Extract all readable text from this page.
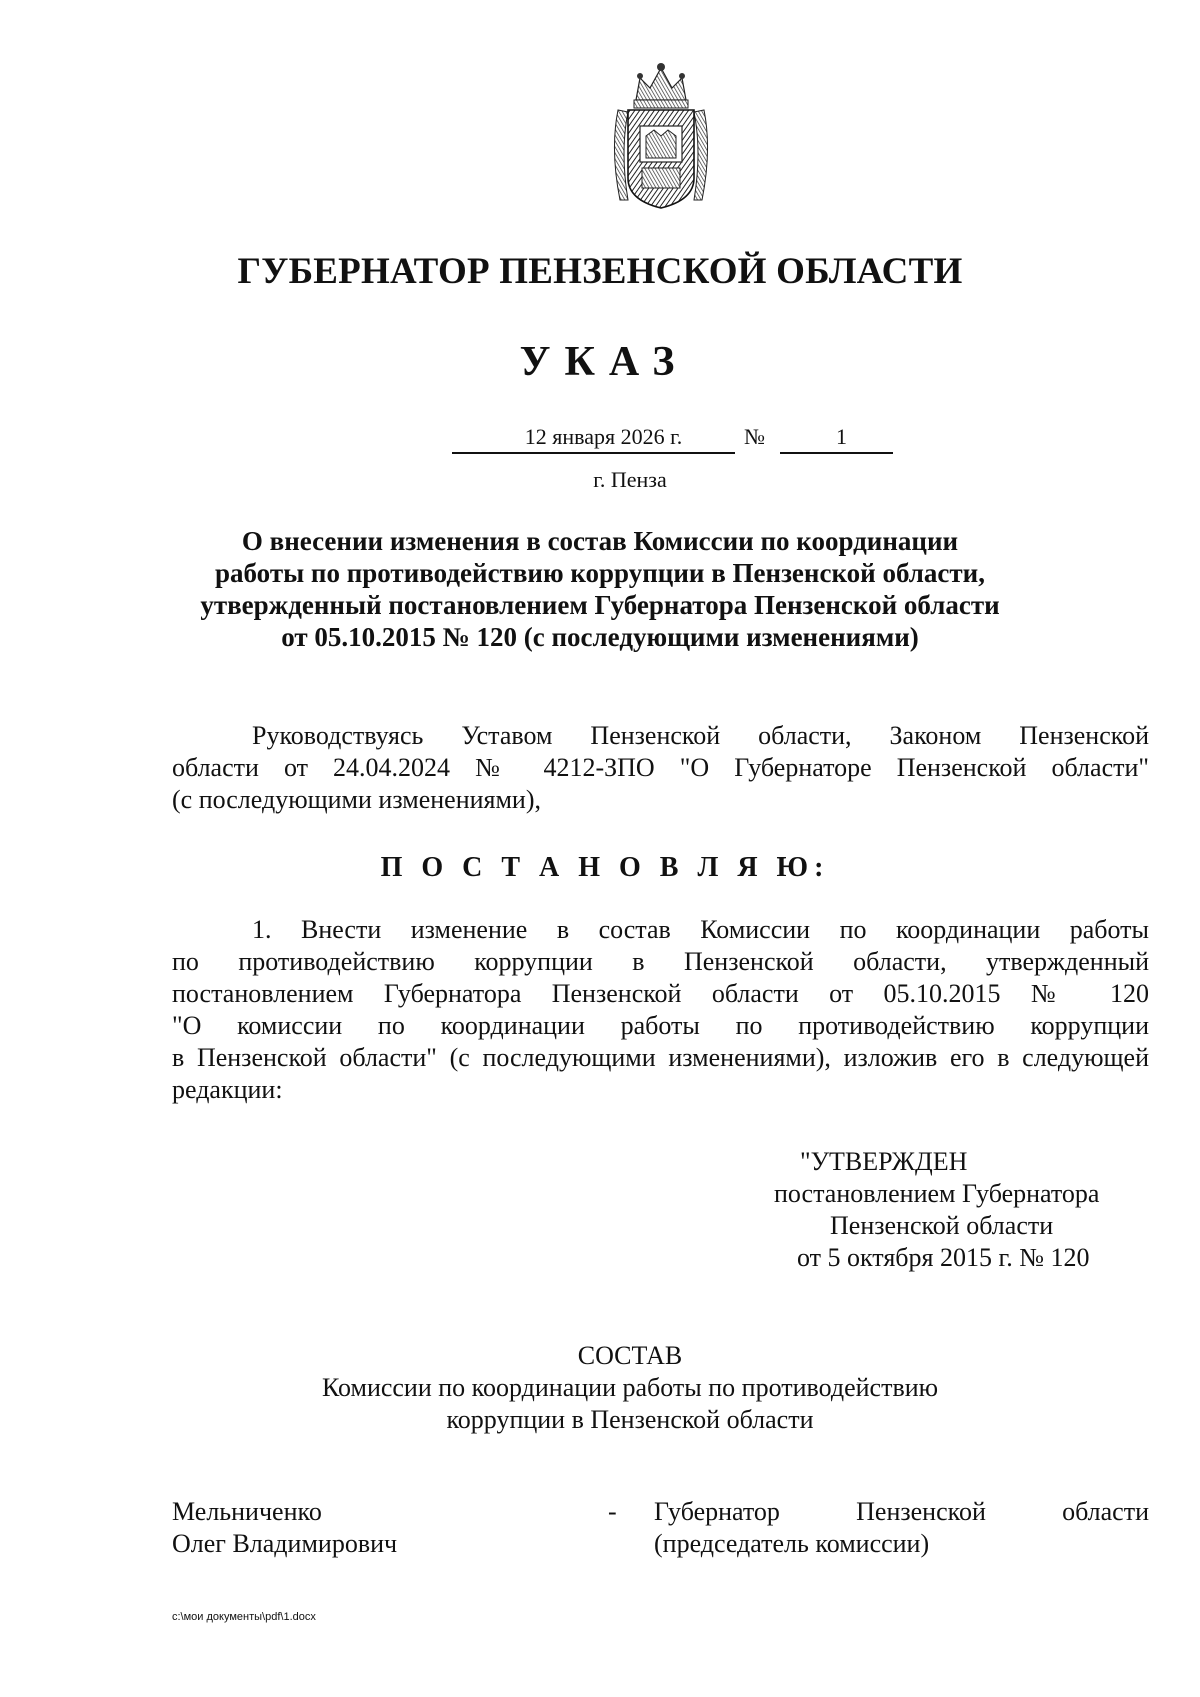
ГУБЕРНАТОР ПЕНЗЕНСКОЙ ОБЛАСТИ
УКАЗ
12 января 2026 г.	№	1
г. Пенза
О внесении изменения в состав Комиссии по координации
работы по противодействию коррупции в Пензенской области,
утвержденный постановлением Губернатора Пензенской области
от 05.10.2015 № 120 (с последующими изменениями)
Руководствуясь Уставом Пензенской области, Законом Пензенской
области от 24.04.2024 № 4212-ЗПО "О Губернаторе Пензенской области"
(с последующими изменениями),
П О С Т А Н О В Л Я Ю:
1. Внести изменение в состав Комиссии по координации работы
по противодействию коррупции в Пензенской области, утвержденный
постановлением Губернатора Пензенской области от 05.10.2015 № 120
"О комиссии по координации работы по противодействию коррупции
в Пензенской области" (с последующими изменениями), изложив его в следующей
редакции:
"УТВЕРЖДЕН
постановлением Губернатора
Пензенской области
от 5 октября 2015 г. № 120
СОСТАВ
Комиссии по координации работы по противодействию
коррупции в Пензенской области
Мельниченко
Олег Владимирович
- Губернатор Пензенской области
(председатель комиссии)
c:\мои документы\pdf\1.docx
